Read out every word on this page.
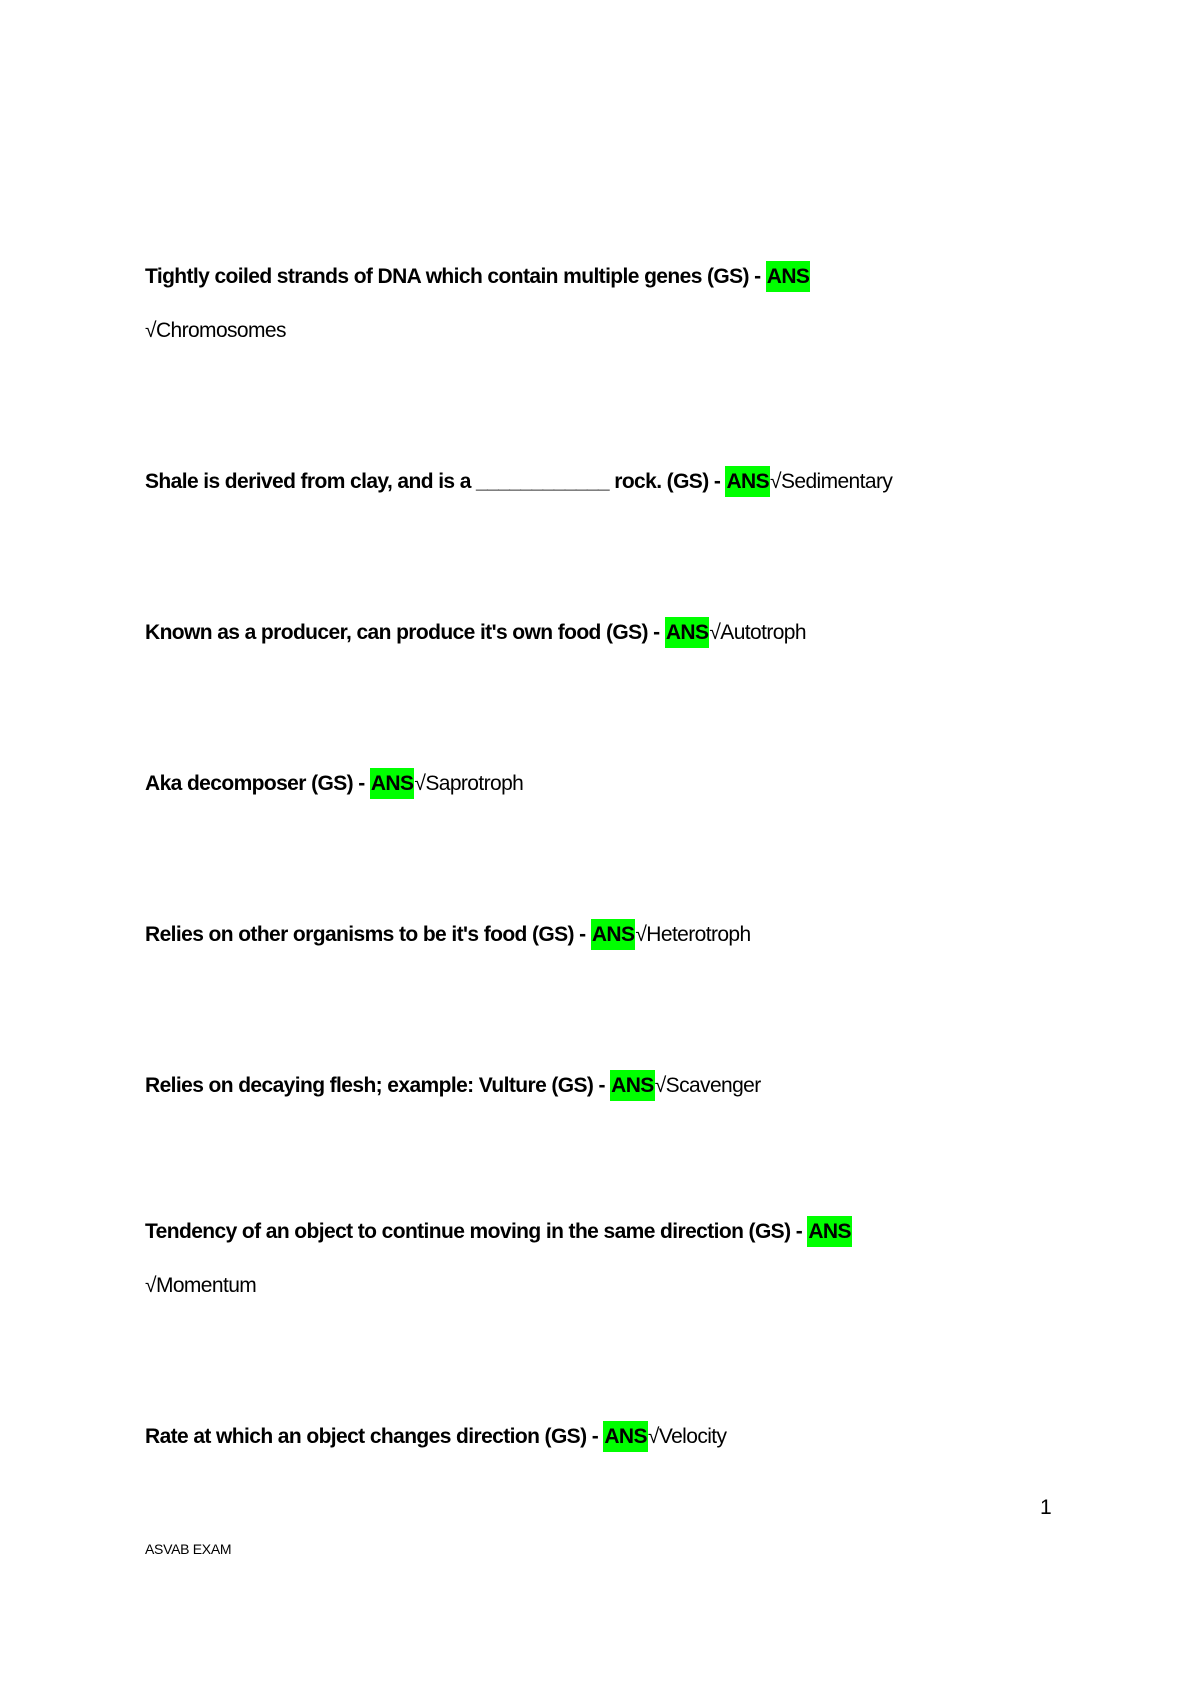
Tightly coiled strands of DNA which contain multiple genes (GS) - ANS
√Chromosomes
Shale is derived from clay, and is a ____________ rock. (GS) - ANS√Sedimentary
Known as a producer, can produce it's own food (GS) - ANS√Autotroph
Aka decomposer (GS) - ANS√Saprotroph
Relies on other organisms to be it's food (GS) - ANS√Heterotroph
Relies on decaying flesh; example: Vulture (GS) - ANS√Scavenger
Tendency of an object to continue moving in the same direction (GS) - ANS
√Momentum
Rate at which an object changes direction (GS) - ANS√Velocity
1
ASVAB EXAM
